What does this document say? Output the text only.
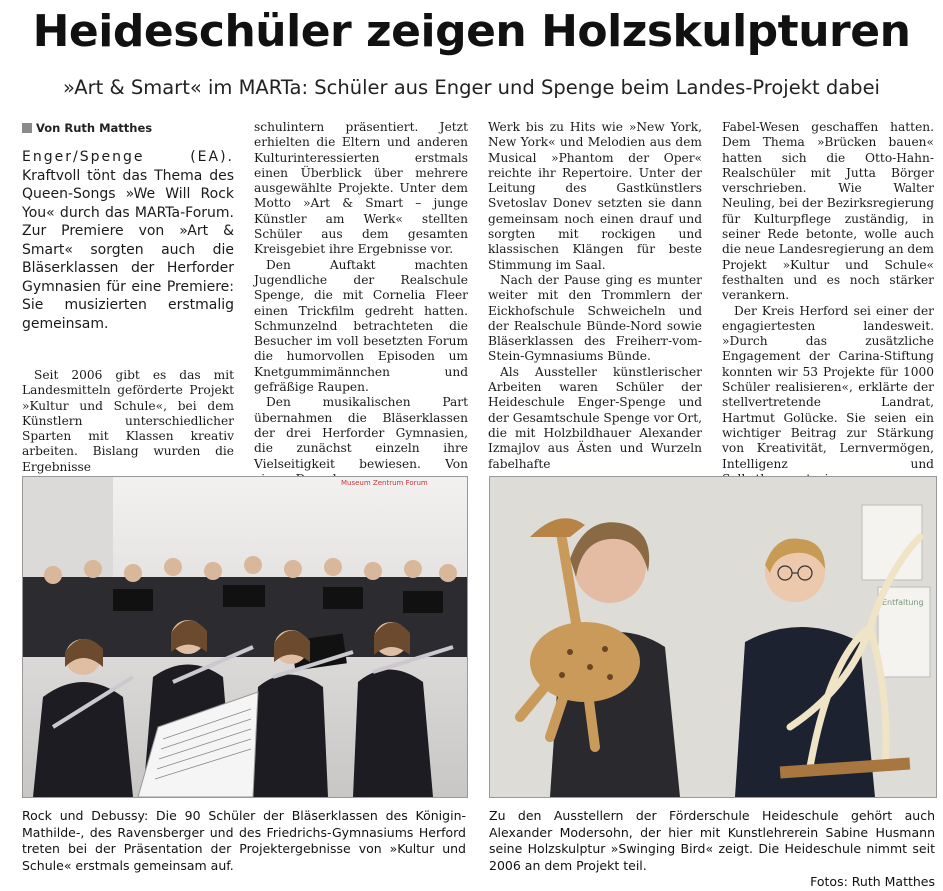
Heideschüler zeigen Holzskulpturen
»Art & Smart« im MARTa: Schüler aus Enger und Spenge beim Landes-Projekt dabei
Von Ruth Matthes
Enger/Spenge (EA). Kraftvoll tönt das Thema des Queen-Songs »We Will Rock You« durch das MARTa-Forum. Zur Premiere von »Art & Smart« sorgten auch die Bläserklassen der Herforder Gymnasien für eine Premiere: Sie musizierten erstmalig gemeinsam.

Seit 2006 gibt es das mit Landesmitteln geförderte Projekt »Kultur und Schule«, bei dem Künstlern unterschiedlicher Sparten mit Klassen kreativ arbeiten. Bislang wurden die Ergebnisse

schulintern präsentiert. Jetzt erhielten die Eltern und anderen Kulturinteressierten erstmals einen Überblick über mehrere ausgewählte Projekte. Unter dem Motto »Art & Smart – junge Künstler am Werk« stellten Schüler aus dem gesamten Kreisgebiet ihre Ergebnisse vor.

Den Auftakt machten Jugendliche der Realschule Spenge, die mit Cornelia Fleer einen Trickfilm gedreht hatten. Schmunzelnd betrachteten die Besucher im voll besetzten Forum die humorvollen Episoden um Knetgummimännchen und gefräßige Raupen.

Den musikalischen Part übernahmen die Bläserklassen der drei Herforder Gymnasien, die zunächst einzeln ihre Vielseitigkeit bewiesen. Von

Werk bis zu Hits wie »New York, New York« und Melodien aus dem Musical »Phantom der Oper« reichte ihr Repertoire. Unter der Leitung des Gastkünstlers Svetoslav Donev setzten sie dann gemeinsam noch einen drauf und sorgten mit rockigen und klassischen Klängen für beste Stimmung im Saal.

Nach der Pause ging es munter weiter mit den Trommlern der Eickhofschule Schweicheln und der Realschule Bünde-Nord sowie Bläserklassen des Freiherr-vom-Stein-Gymnasiums Bünde.

Als Aussteller künstlerischer Arbeiten waren Schüler der Heideschule Enger-Spenge und der Gesamtschule Spenge vor Ort, die mit Holzbildhauer Alexander Izmajlov aus Ästen und Wurzeln fabelhafte

Fabel-Wesen geschaffen hatten. Dem Thema »Brücken bauen« hatten sich die Otto-Hahn-Realschüler mit Jutta Börger verschrieben. Wie Walter Neuling, bei der Bezirksregierung für Kulturpflege zuständig, in seiner Rede betonte, wolle auch die neue Landesregierung an dem Projekt »Kultur und Schule« festhalten und es noch stärker verankern.

Der Kreis Herford sei einer der engagiertesten landesweit. »Durch das zusätzliche Engagement der Carina-Stiftung konnten wir 53 Projekte für 1000 Schüler realisieren«, erklärte der stellvertretende Landrat, Hartmut Golücke. Sie seien ein wichtiger Beitrag zur Stärkung von Kreativität, Lernvermögen, Intelligenz und

Museum Zentrum Forum
Entfaltung
Rock und Debussy: Die 90 Schüler der Bläserklassen des Königin-Mathilde-, des Ravensberger und des Friedrichs-Gymnasiums Herford treten bei der Präsentation der Projektergebnisse von »Kultur und Schule« erstmals gemeinsam auf.
Zu den Ausstellern der Förderschule Heideschule gehört auch Alexander Modersohn, der hier mit Kunstlehrerein Sabine Husmann seine Holzskulptur »Swinging Bird« zeigt. Die Heideschule nimmt seit 2006 an dem Projekt teil.
Fotos: Ruth Matthes
